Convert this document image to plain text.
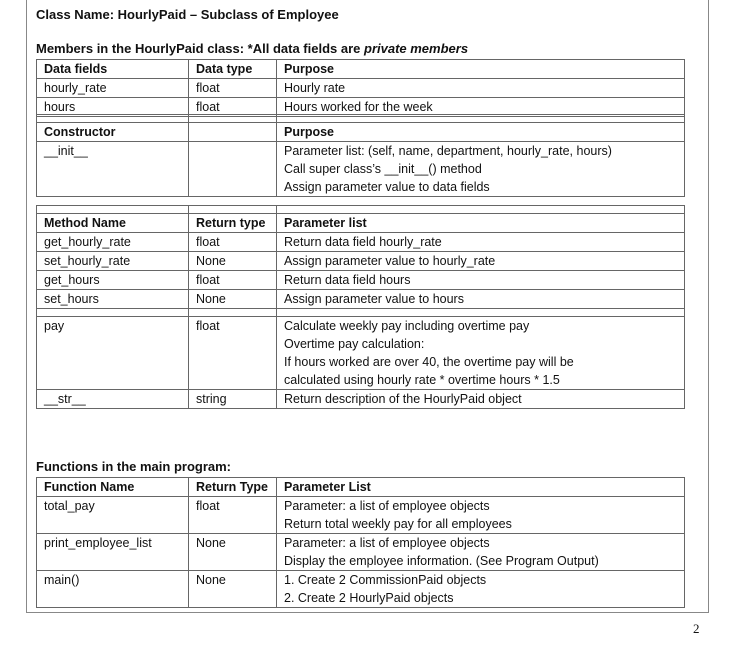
Class Name: HourlyPaid – Subclass of Employee
Members in the HourlyPaid class: *All data fields are private members
Data fields	Data type	Purpose
hourly_rate	float	Hourly rate
hours	float	Hours worked for the week

Constructor		Purpose
__init__		Parameter list: (self, name, department, hourly_rate, hours)
Call super class’s __init__() method
Assign parameter value to data fields

Method Name	Return type	Parameter list
get_hourly_rate	float	Return data field hourly_rate
set_hourly_rate	None	Assign parameter value to hourly_rate
get_hours	float	Return data field hours
set_hours	None	Assign parameter value to hours

pay	float	Calculate weekly pay including overtime pay
Overtime pay calculation:
If hours worked are over 40, the overtime pay will be
calculated using hourly rate * overtime hours * 1.5

__str__	string	Return description of the HourlyPaid object
Functions in the main program:
Function Name	Return Type	Parameter List
total_pay	float	Parameter: a list of employee objects
Return total weekly pay for all employees

print_employee_list	None	Parameter: a list of employee objects
Display the employee information. (See Program Output)

main()	None	1. Create 2 CommissionPaid objects
2. Create 2 HourlyPaid objects
2
